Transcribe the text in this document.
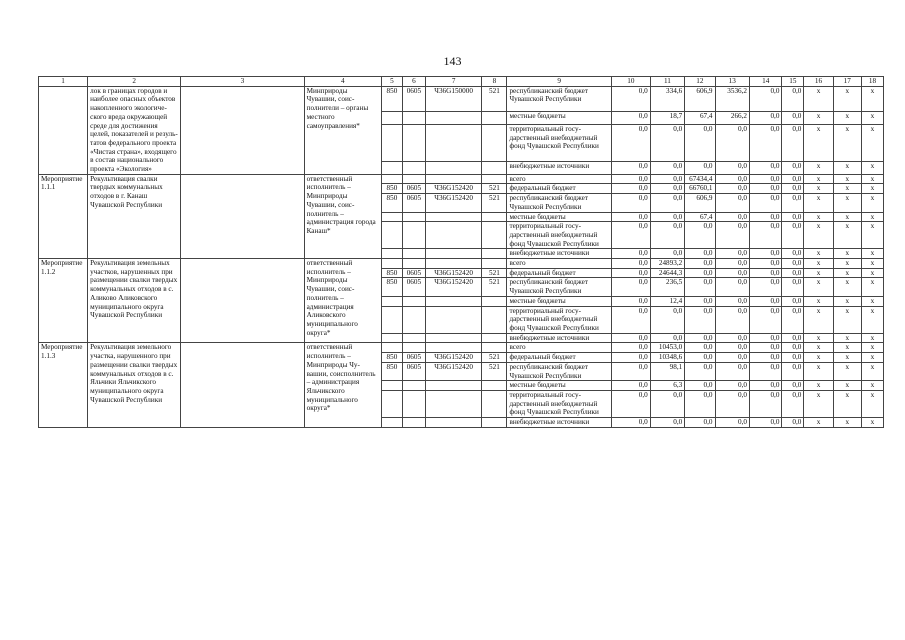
143
1	2	3	4	5	6	7	8	9	10	11	12	13	14	15	16	17	18
	лок в границах городов и наиболее опасных объектов накопленного экологического вреда окружающей среде для достижения целей, показателей и результатов федерального проекта «Чистая страна», входящего в состав национального проекта «Экология»		Минприроды Чувашии, соисполнители – органы местного самоуправления*	850	0605	Ч36G150000	521	республиканский бюджет Чувашской Республики	0,0	334,6	606,9	3536,2	0,0	0,0	x	x	x
								местные бюджеты	0,0	18,7	67,4	266,2	0,0	0,0	x	x	x
								территориальный государственный внебюджетный фонд Чувашской Республики	0,0	0,0	0,0	0,0	0,0	0,0	x	x	x
								внебюджетные источники	0,0	0,0	0,0	0,0	0,0	0,0	x	x	x
Мероприятие 1.1.1	Рекультивация свалки твердых коммунальных отходов в г. Канаш Чувашской Республики		ответственный исполнитель – Минприроды Чувашии, соисполнитель – администрация города Канаш*					всего	0,0	0,0	67434,4	0,0	0,0	0,0	x	x	x
				850	0605	Ч36G152420	521	федеральный бюджет	0,0	0,0	66760,1	0,0	0,0	0,0	x	x	x
				850	0605	Ч36G152420	521	республиканский бюджет Чувашской Республики	0,0	0,0	606,9	0,0	0,0	0,0	x	x	x
								местные бюджеты	0,0	0,0	67,4	0,0	0,0	0,0	x	x	x
								территориальный государственный внебюджетный фонд Чувашской Республики	0,0	0,0	0,0	0,0	0,0	0,0	x	x	x
								внебюджетные источники	0,0	0,0	0,0	0,0	0,0	0,0	x	x	x
Мероприятие 1.1.2	Рекультивация земельных участков, нарушенных при размещении свалки твердых коммунальных отходов в с. Аликово Аликовского муниципального округа Чувашской Республики		ответственный исполнитель – Минприроды Чувашии, соисполнитель – администрация Аликовского муниципального округа*					всего	0,0	24893,2	0,0	0,0	0,0	0,0	x	x	x
				850	0605	Ч36G152420	521	федеральный бюджет	0,0	24644,3	0,0	0,0	0,0	0,0	x	x	x
				850	0605	Ч36G152420	521	республиканский бюджет Чувашской Республики	0,0	236,5	0,0	0,0	0,0	0,0	x	x	x
								местные бюджеты	0,0	12,4	0,0	0,0	0,0	0,0	x	x	x
								территориальный государственный внебюджетный фонд Чувашской Республики	0,0	0,0	0,0	0,0	0,0	0,0	x	x	x
								внебюджетные источники	0,0	0,0	0,0	0,0	0,0	0,0	x	x	x
Мероприятие 1.1.3	Рекультивация земельного участка, нарушенного при размещении свалки твердых коммунальных отходов в с. Яльчики Яльчикского муниципального округа Чувашской Республики		ответственный исполнитель – Минприроды Чувашии, соисполнитель – администрация Яльчикского муниципального округа*					всего	0,0	10453,0	0,0	0,0	0,0	0,0	x	x	x
				850	0605	Ч36G152420	521	федеральный бюджет	0,0	10348,6	0,0	0,0	0,0	0,0	x	x	x
				850	0605	Ч36G152420	521	республиканский бюджет Чувашской Республики	0,0	98,1	0,0	0,0	0,0	0,0	x	x	x
								местные бюджеты	0,0	6,3	0,0	0,0	0,0	0,0	x	x	x
								территориальный государственный внебюджетный фонд Чувашской Республики	0,0	0,0	0,0	0,0	0,0	0,0	x	x	x
								внебюджетные источники	0,0	0,0	0,0	0,0	0,0	0,0	x	x	x
